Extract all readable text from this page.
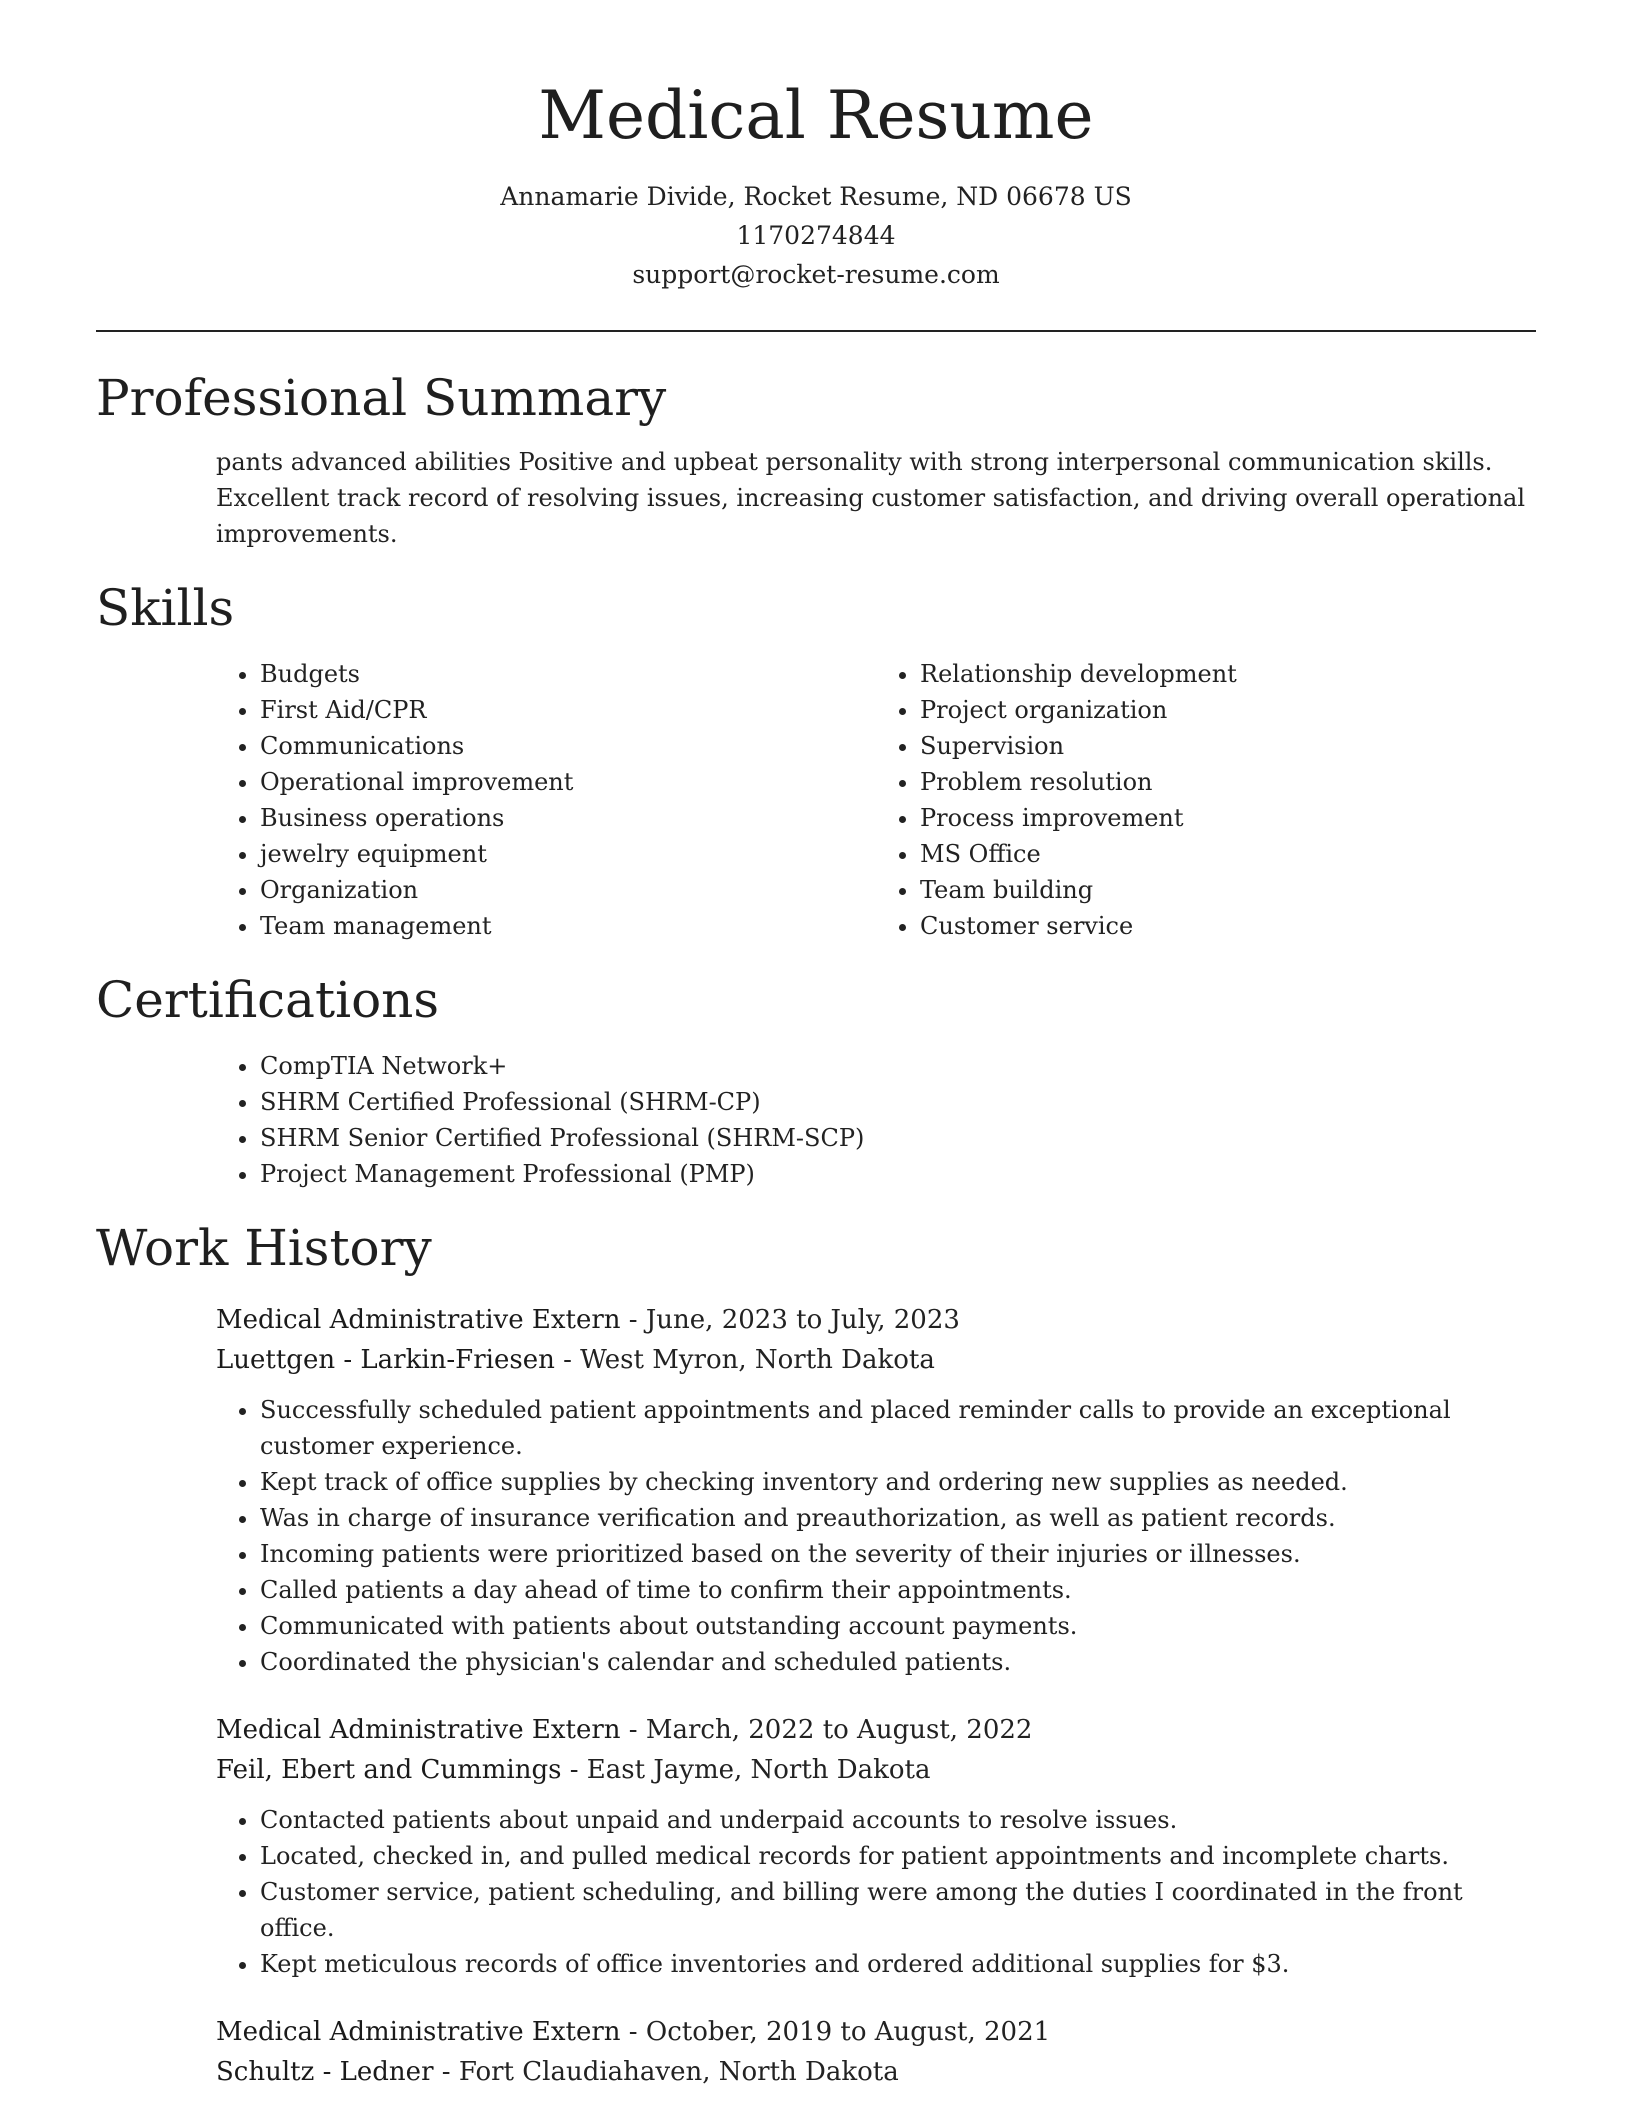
Medical Resume

Annamarie Divide, Rocket Resume, ND 06678 US

1170274844

support@rocket-resume.com

Professional Summary

pants advanced abilities Positive and upbeat personality with strong interpersonal communication skills. Excellent track record of resolving issues, increasing customer satisfaction, and driving overall operational improvements.

Skills
• Budgets
• First Aid/CPR
• Communications
• Operational improvement
• Business operations
• jewelry equipment
• Organization
• Team management
• Relationship development
• Project organization
• Supervision
• Problem resolution
• Process improvement
• MS Office
• Team building
• Customer service
Certifications
• CompTIA Network+
• SHRM Certified Professional (SHRM-CP)
• SHRM Senior Certified Professional (SHRM-SCP)
• Project Management Professional (PMP)
Work History
Medical Administrative Extern - June, 2023 to July, 2023
Luettgen - Larkin-Friesen - West Myron, North Dakota
• Successfully scheduled patient appointments and placed reminder calls to provide an exceptional customer experience.
• Kept track of office supplies by checking inventory and ordering new supplies as needed.
• Was in charge of insurance verification and preauthorization, as well as patient records.
• Incoming patients were prioritized based on the severity of their injuries or illnesses.
• Called patients a day ahead of time to confirm their appointments.
• Communicated with patients about outstanding account payments.
• Coordinated the physician's calendar and scheduled patients.
Medical Administrative Extern - March, 2022 to August, 2022
Feil, Ebert and Cummings - East Jayme, North Dakota
• Contacted patients about unpaid and underpaid accounts to resolve issues.
• Located, checked in, and pulled medical records for patient appointments and incomplete charts.
• Customer service, patient scheduling, and billing were among the duties I coordinated in the front office.
• Kept meticulous records of office inventories and ordered additional supplies for $3.
Medical Administrative Extern - October, 2019 to August, 2021
Schultz - Ledner - Fort Claudiahaven, North Dakota
